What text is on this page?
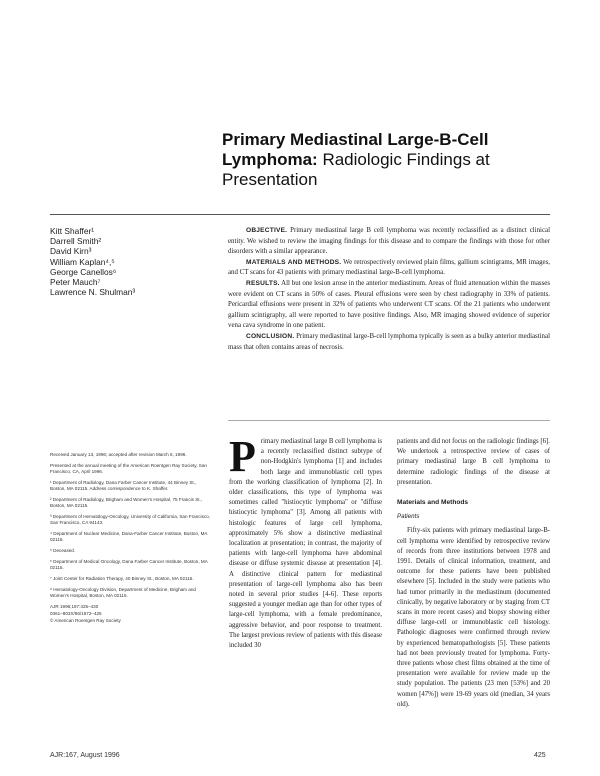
Primary Mediastinal Large-B-Cell Lymphoma: Radiologic Findings at Presentation
Kitt Shaffer¹
Darrell Smith²
David Kirn³
William Kaplan⁴,⁵
George Canellos⁶
Peter Mauch⁷
Lawrence N. Shulman³

OBJECTIVE. Primary mediastinal large B cell lymphoma was recently reclassified as a distinct clinical entity. We wished to review the imaging findings for this disease and to compare the findings with those for other disorders with a similar appearance.

MATERIALS AND METHODS. We retrospectively reviewed plain films, gallium scintigrams, MR images, and CT scans for 43 patients with primary mediastinal large-B-cell lymphoma.

RESULTS. All but one lesion arose in the anterior mediastinum. Areas of fluid attenuation within the masses were evident on CT scans in 50% of cases. Pleural effusions were seen by chest radiography in 33% of patients. Pericardial effusions were present in 32% of patients who underwent CT scans. Of the 21 patients who underwent gallium scintigraphy, all were reported to have positive findings. Also, MR imaging showed evidence of superior vena cava syndrome in one patient.

CONCLUSION. Primary mediastinal large-B-cell lymphoma typically is seen as a bulky anterior mediastinal mass that often contains areas of necrosis.

Received January 13, 1996; accepted after revision March 6, 1996.

Presented at the annual meeting of the American Roentgen Ray Society, San Francisco, CA, April 1996.

¹ Department of Radiology, Dana Farber Cancer Institute, 44 Binney St., Boston, MA 02115. Address correspondence to K. Shaffer.

² Department of Radiology, Brigham and Women's Hospital, 75 Francis St., Boston, MA 02115.

³ Department of Hematology-Oncology, University of California, San Francisco, San Francisco, CA 94143.

⁴ Department of Nuclear Medicine, Dana-Farber Cancer Institute, Boston, MA 02115.

⁵ Deceased.

⁶ Department of Medical Oncology, Dana Farber Cancer Institute, Boston, MA 02115.

⁷ Joint Center for Radiation Therapy, 40 Binney St., Boston, MA 02115.

⁸ Hematology-Oncology Division, Department of Medicine, Brigham and Women's Hospital, Boston, MA 02115.

AJR 1996;167:425–430

0361–803X/96/1672–425

© American Roentgen Ray Society

P rimary mediastinal large B cell lymphoma is a recently reclassified distinct subtype of non-Hodgkin's lymphoma [1] and includes both large and immunoblastic cell types from the working classification of lymphoma [2]. In older classifications, this type of lymphoma was sometimes called "histiocytic lymphoma" or "diffuse histiocytic lymphoma" [3]. Among all patients with histologic features of large cell lymphoma, approximately 5% show a distinctive mediastinal localization at presentation; in contrast, the majority of patients with large-cell lymphoma have abdominal disease or diffuse systemic disease at presentation [4]. A distinctive clinical pattern for mediastinal presentation of large-cell lymphoma also has been noted in several prior studies [4-6]. These reports suggested a younger median age than for other types of large-cell lymphoma, with a female predominance, aggressive behavior, and poor response to treatment. The largest previous review of patients with this disease included 30

patients and did not focus on the radiologic findings [6]. We undertook a retrospective review of cases of primary mediastinal large B cell lymphoma to determine radiologic findings of the disease at presentation.

Materials and Methods

Patients

Fifty-six patients with primary mediastinal large-B-cell lymphoma were identified by retrospective review of records from three institutions between 1978 and 1991. Details of clinical information, treatment, and outcome for these patients have been published elsewhere [5]. Included in the study were patients who had tumor primarily in the mediastinum (documented clinically, by negative laboratory or by staging from CT scans in more recent cases) and biopsy showing either diffuse large-cell or immunoblastic cell histology. Pathologic diagnoses were confirmed through review by experienced hematopathologists [5]. These patients had not been previously treated for lymphoma. Forty-three patients whose chest films obtained at the time of presentation were available for review made up the study population. The patients (23 men [53%] and 20 women [47%]) were 19-69 years old (median, 34 years old).

AJR:167, August 1996	425
